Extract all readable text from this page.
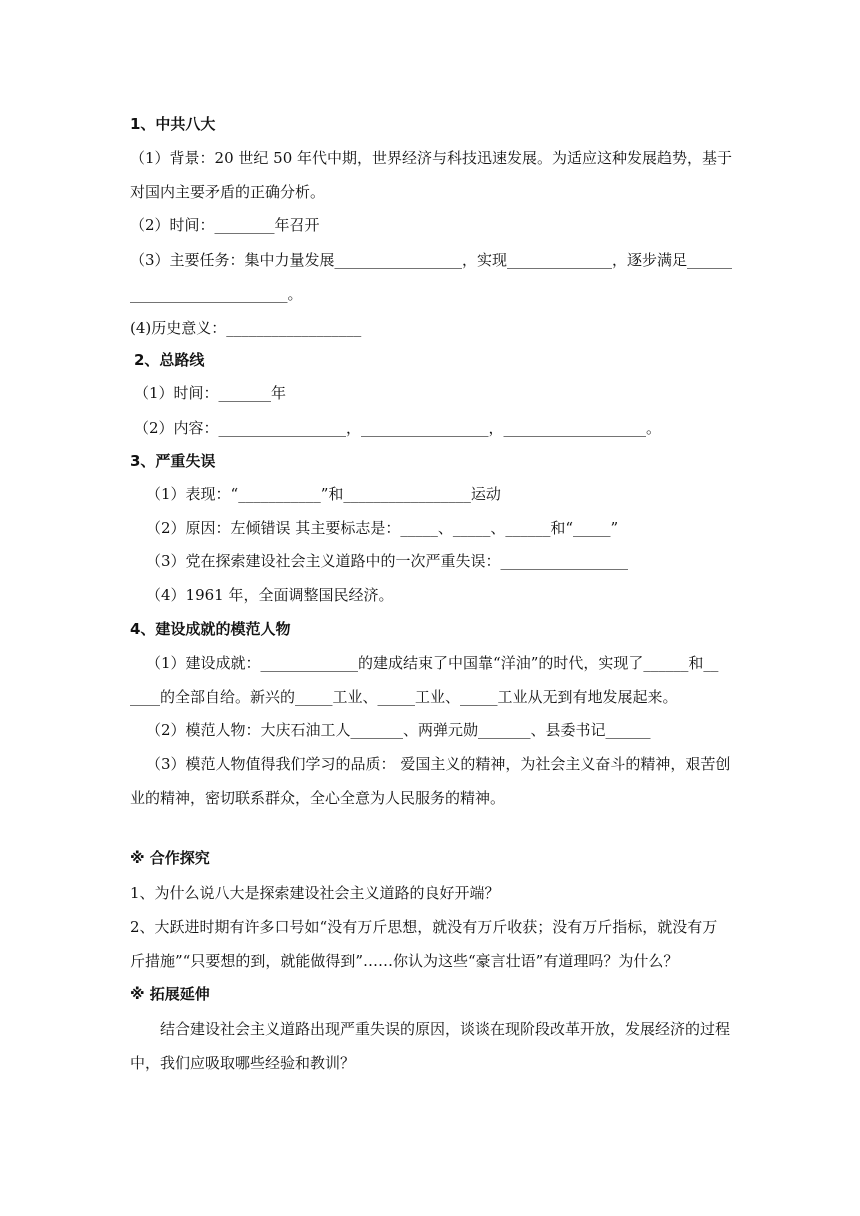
1、中共八大
（1）背景：20 世纪 50 年代中期，世界经济与科技迅速发展。为适应这种发展趋势，基于
对国内主要矛盾的正确分析。
（2）时间：________年召开
（3）主要任务：集中力量发展_________________，实现______________，逐步满足______
_____________________。
(4)历史意义：__________________
2、总路线
（1）时间：_______年
（2）内容：_________________，_________________，___________________。
3、严重失误
（1）表现：“___________”和_________________运动
（2）原因：左倾错误 其主要标志是：_____、_____、______和“_____”
（3）党在探索建设社会主义道路中的一次严重失误：_________________
（4）1961 年，全面调整国民经济。
4、建设成就的模范人物
（1）建设成就：_____________的建成结束了中国靠“洋油”的时代，实现了______和__
____的全部自给。新兴的_____工业、_____工业、_____工业从无到有地发展起来。
（2）模范人物：大庆石油工人_______、两弹元勋_______、县委书记______
（3）模范人物值得我们学习的品质： 爱国主义的精神，为社会主义奋斗的精神，艰苦创
业的精神，密切联系群众，全心全意为人民服务的精神。
※ 合作探究
1、为什么说八大是探索建设社会主义道路的良好开端？
2、大跃进时期有许多口号如“没有万斤思想，就没有万斤收获；没有万斤指标，就没有万
斤措施”“只要想的到，就能做得到”……你认为这些“豪言壮语”有道理吗？为什么？
※ 拓展延伸
结合建设社会主义道路出现严重失误的原因，谈谈在现阶段改革开放，发展经济的过程
中，我们应吸取哪些经验和教训？
